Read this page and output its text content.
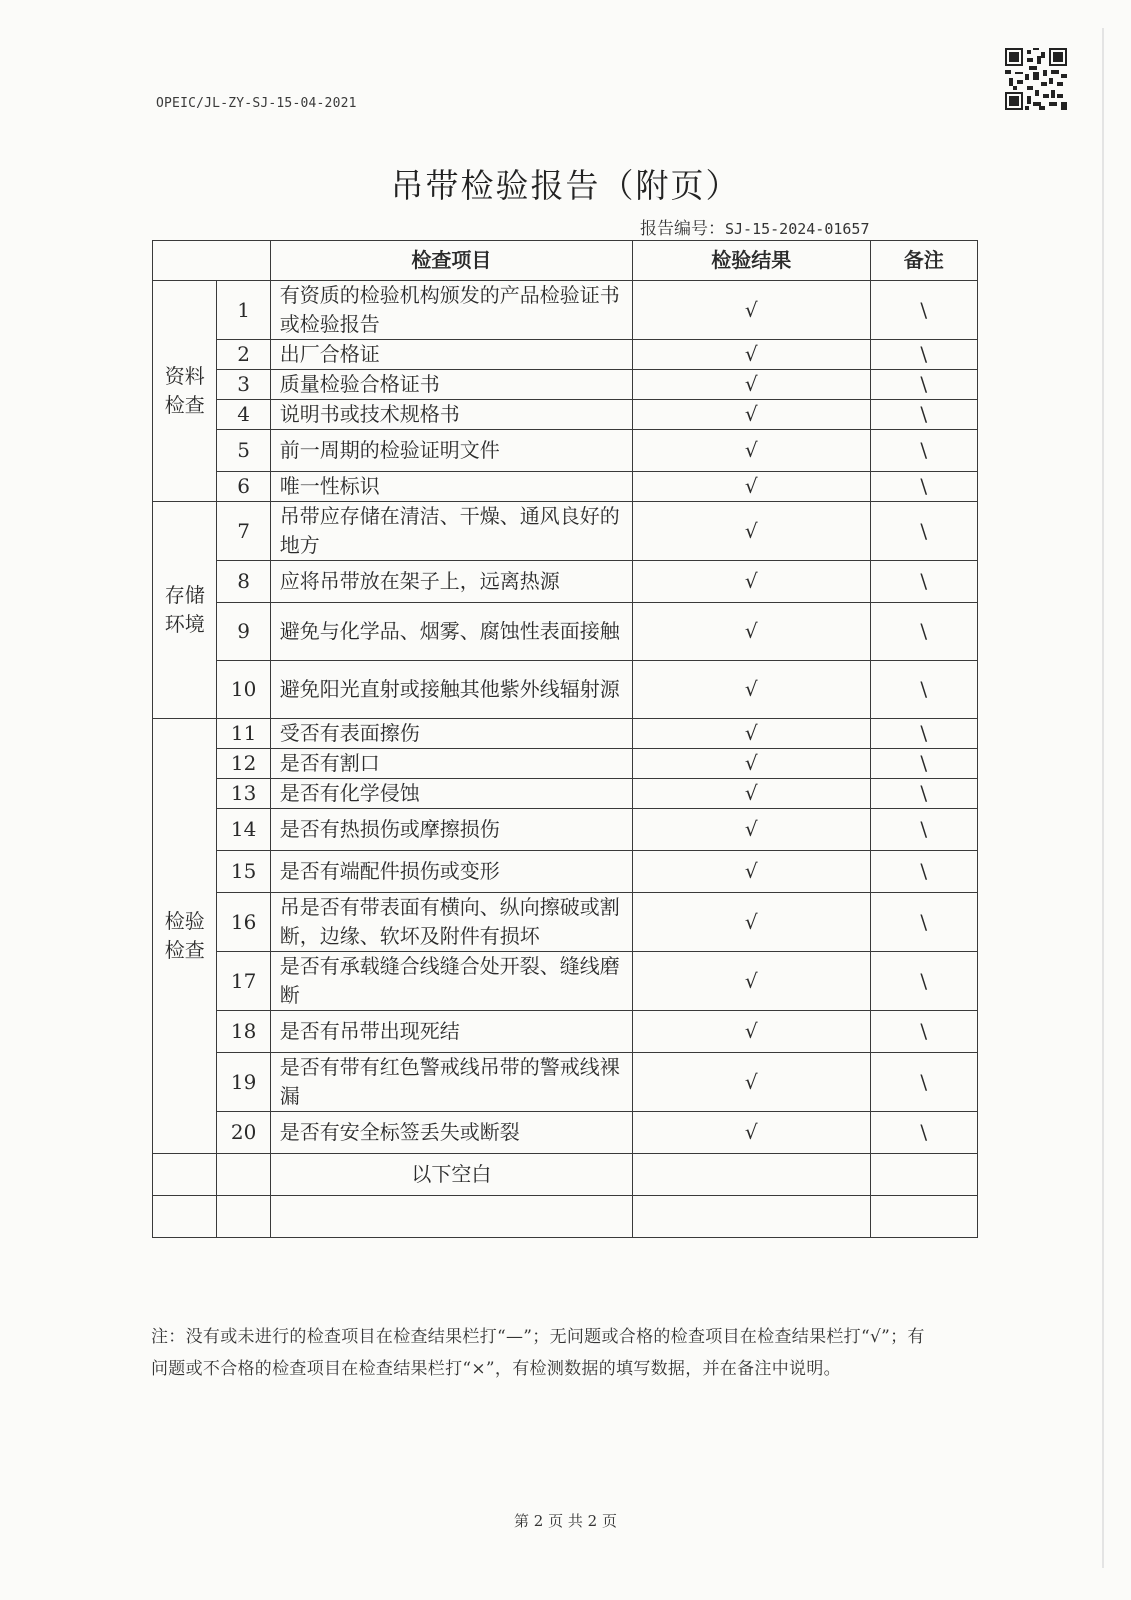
OPEIC/JL-ZY-SJ-15-04-2021
吊带检验报告（附页）
报告编号：SJ-15-2024-01657
		检查项目	检验结果	备注

资料
检查	1	有资质的检验机构颁发的产品检验证书或检验报告	√	\
	2	出厂合格证	√	\
	3	质量检验合格证书	√	\
	4	说明书或技术规格书	√	\
	5	前一周期的检验证明文件	√	\
	6	唯一性标识	√	\

存储
环境	7	吊带应存储在清洁、干燥、通风良好的地方	√	\
	8	应将吊带放在架子上，远离热源	√	\
	9	避免与化学品、烟雾、腐蚀性表面接触	√	\
	10	避免阳光直射或接触其他紫外线辐射源	√	\

检验
检查	11	受否有表面擦伤	√	\
	12	是否有割口	√	\
	13	是否有化学侵蚀	√	\
	14	是否有热损伤或摩擦损伤	√	\
	15	是否有端配件损伤或变形	√	\
	16	吊是否有带表面有横向、纵向擦破或割断，边缘、软坏及附件有损坏	√	\
	17	是否有承载缝合线缝合处开裂、缝线磨断	√	\
	18	是否有吊带出现死结	√	\
	19	是否有带有红色警戒线吊带的警戒线裸漏	√	\
	20	是否有安全标签丢失或断裂	√	\
		以下空白		

注：没有或未进行的检查项目在检查结果栏打“—”；无问题或合格的检查项目在检查结果栏打“√”；有问题或不合格的检查项目在检查结果栏打“×”，有检测数据的填写数据，并在备注中说明。
第 2 页 共 2 页
